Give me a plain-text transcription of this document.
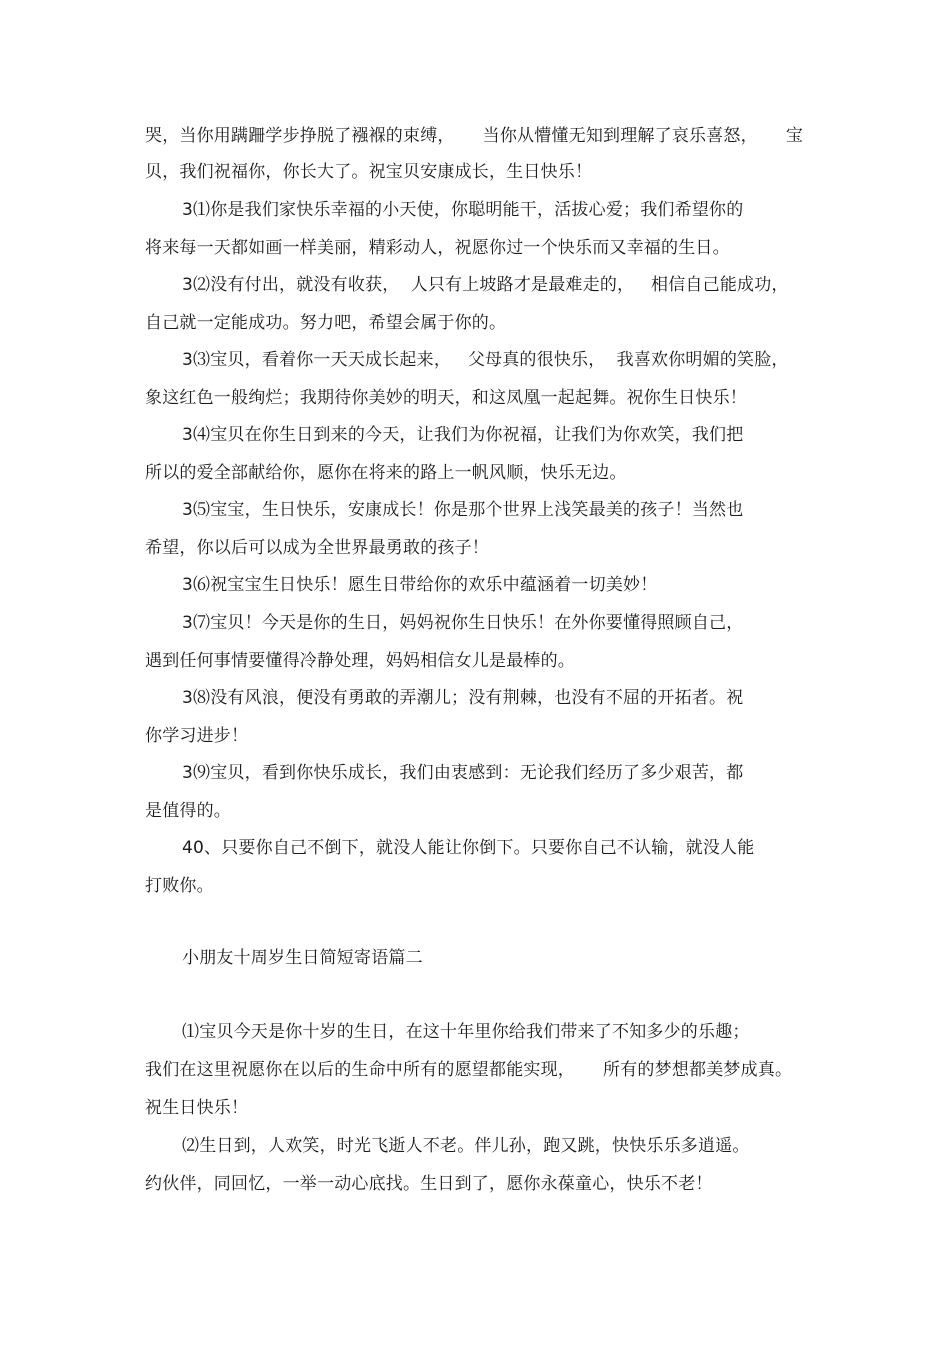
哭，当你用蹒跚学步挣脱了襁褓的束缚，     当你从懵懂无知到理解了哀乐喜怒，     宝
贝，我们祝福你，你长大了。祝宝贝安康成长，生日快乐！
3⑴你是我们家快乐幸福的小天使，你聪明能干，活拔心爱；我们希望你的
将来每一天都如画一样美丽，精彩动人，祝愿你过一个快乐而又幸福的生日。
3⑵没有付出，就没有收获，  人只有上坡路才是最难走的，   相信自己能成功，
自己就一定能成功。努力吧，希望会属于你的。
3⑶宝贝，看着你一天天成长起来，   父母真的很快乐，  我喜欢你明媚的笑脸，
象这红色一般绚烂；我期待你美妙的明天，和这凤凰一起起舞。祝你生日快乐！
3⑷宝贝在你生日到来的今天，让我们为你祝福，让我们为你欢笑，我们把
所以的爱全部献给你，愿你在将来的路上一帆风顺，快乐无边。
3⑸宝宝，生日快乐，安康成长！你是那个世界上浅笑最美的孩子！当然也
希望，你以后可以成为全世界最勇敢的孩子！
3⑹祝宝宝生日快乐！愿生日带给你的欢乐中蕴涵着一切美妙！
3⑺宝贝！今天是你的生日，妈妈祝你生日快乐！在外你要懂得照顾自己，
遇到任何事情要懂得冷静处理，妈妈相信女儿是最棒的。
3⑻没有风浪，便没有勇敢的弄潮儿；没有荆棘，也没有不屈的开拓者。祝
你学习进步！
3⑼宝贝，看到你快乐成长，我们由衷感到：无论我们经历了多少艰苦，都
是值得的。
40、只要你自己不倒下，就没人能让你倒下。只要你自己不认输，就没人能
打败你。
小朋友十周岁生日简短寄语篇二
⑴宝贝今天是你十岁的生日，在这十年里你给我们带来了不知多少的乐趣；
我们在这里祝愿你在以后的生命中所有的愿望都能实现，     所有的梦想都美梦成真。
祝生日快乐！
⑵生日到，人欢笑，时光飞逝人不老。伴儿孙，跑又跳，快快乐乐多逍遥。
约伙伴，同回忆，一举一动心底找。生日到了，愿你永葆童心，快乐不老！
